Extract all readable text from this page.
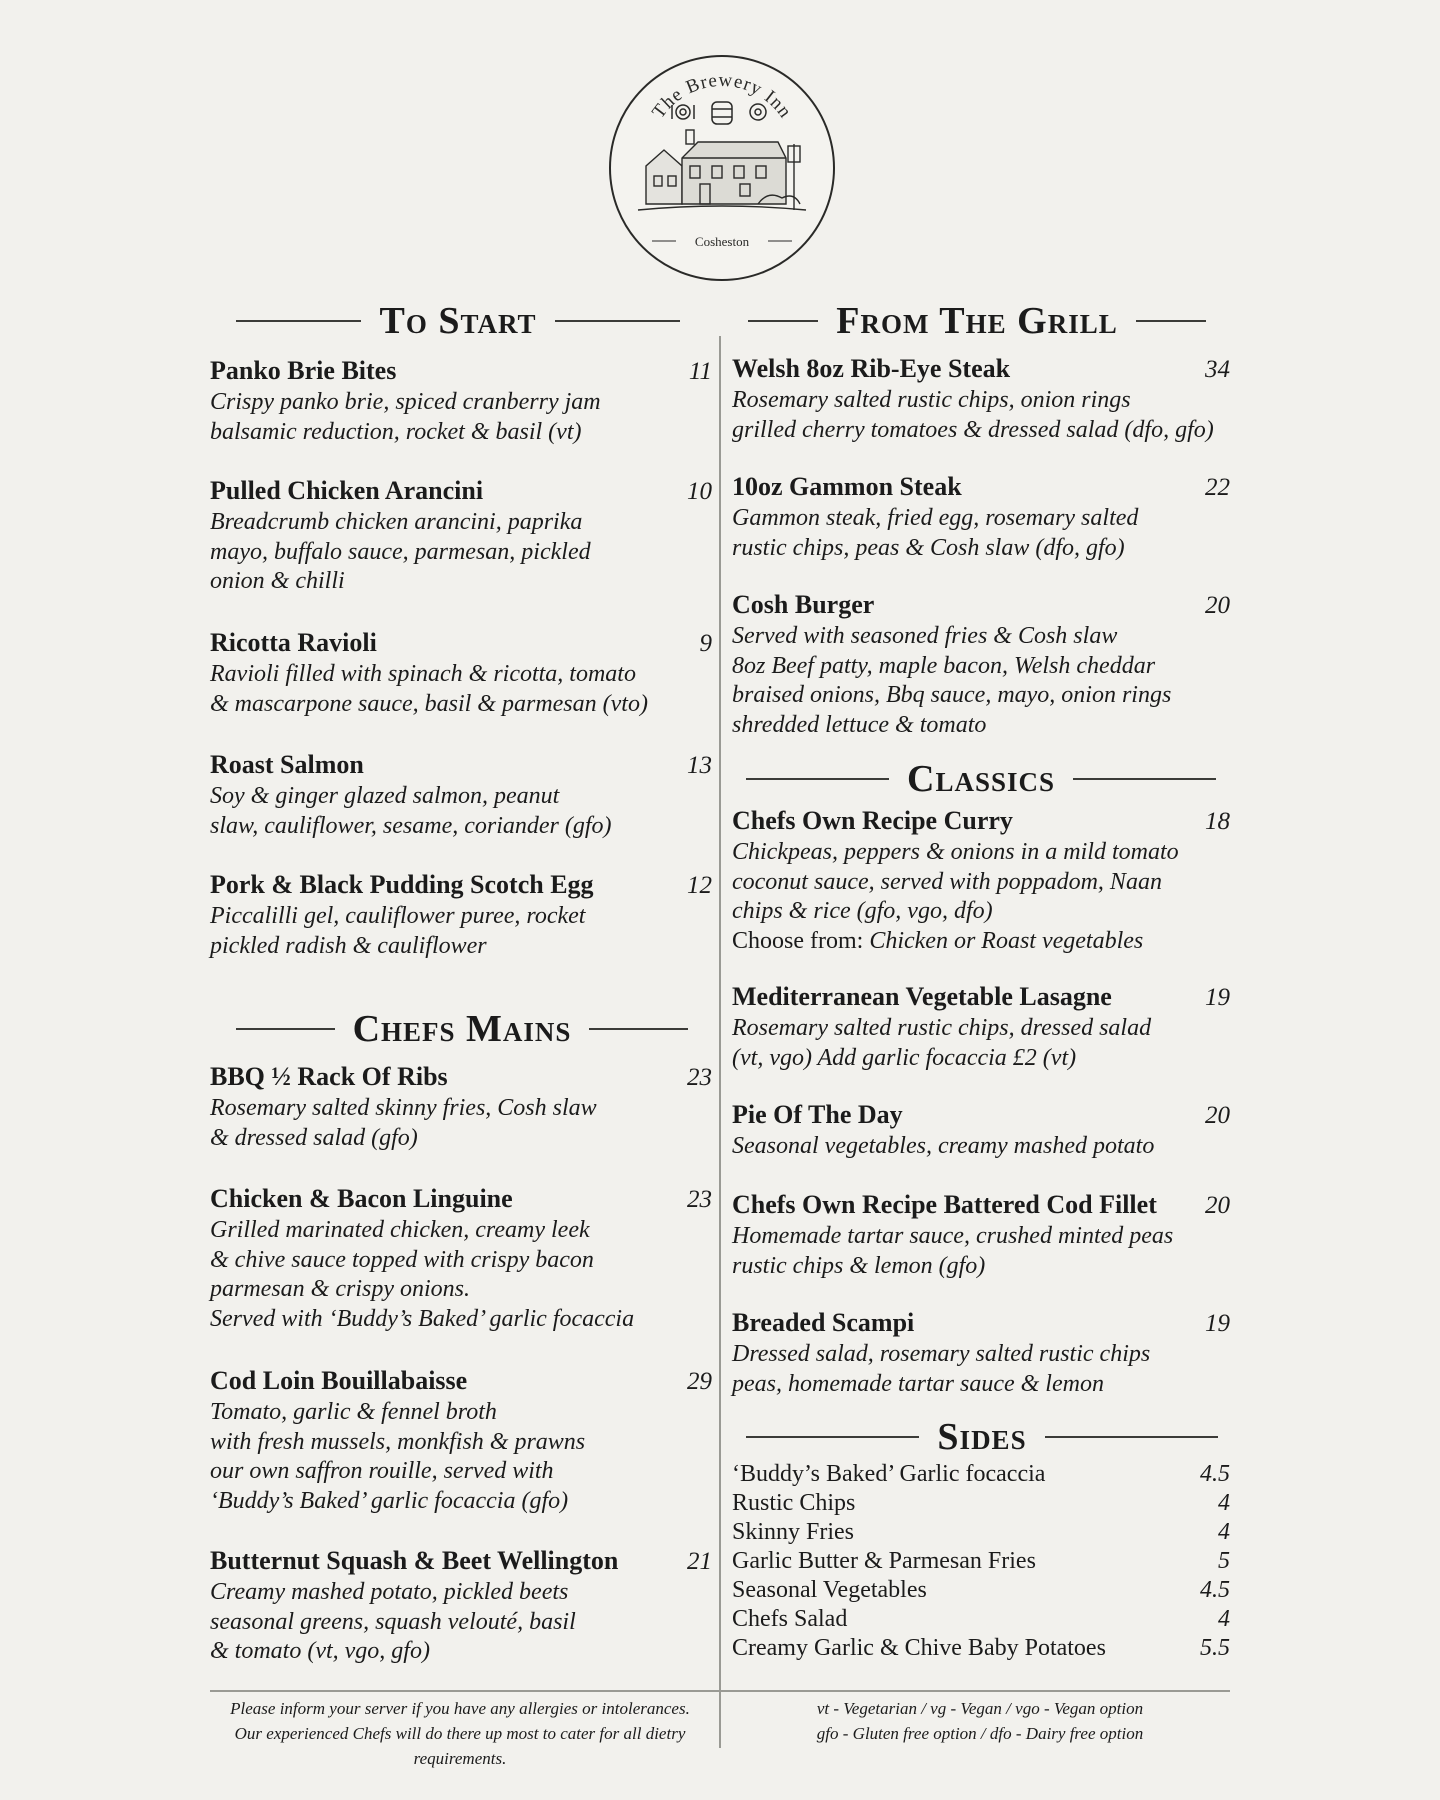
The Brewery Inn
Cosheston
To Start
Panko Brie Bites	11
Crispy panko brie, spiced cranberry jam
balsamic reduction, rocket & basil (vt)
Pulled Chicken Arancini	10
Breadcrumb chicken arancini, paprika
mayo, buffalo sauce, parmesan, pickled
onion & chilli
Ricotta Ravioli	9
Ravioli filled with spinach & ricotta, tomato
& mascarpone sauce, basil & parmesan (vto)
Roast Salmon	13
Soy & ginger glazed salmon, peanut
slaw, cauliflower, sesame, coriander (gfo)
Pork & Black Pudding Scotch Egg	12
Piccalilli gel, cauliflower puree, rocket
pickled radish & cauliflower
Chefs Mains
BBQ ½ Rack Of Ribs	23
Rosemary salted skinny fries, Cosh slaw
& dressed salad (gfo)
Chicken & Bacon Linguine	23
Grilled marinated chicken, creamy leek
& chive sauce topped with crispy bacon
parmesan & crispy onions.
Served with ‘Buddy’s Baked’ garlic focaccia
Cod Loin Bouillabaisse	29
Tomato, garlic & fennel broth
with fresh mussels, monkfish & prawns
our own saffron rouille, served with
‘Buddy’s Baked’ garlic focaccia (gfo)
Butternut Squash & Beet Wellington	21
Creamy mashed potato, pickled beets
seasonal greens, squash velouté, basil
& tomato (vt, vgo, gfo)
From The Grill
Welsh 8oz Rib-Eye Steak	34
Rosemary salted rustic chips, onion rings
grilled cherry tomatoes & dressed salad (dfo, gfo)
10oz Gammon Steak	22
Gammon steak, fried egg, rosemary salted
rustic chips, peas & Cosh slaw (dfo, gfo)
Cosh Burger	20
Served with seasoned fries & Cosh slaw
8oz Beef patty, maple bacon, Welsh cheddar
braised onions, Bbq sauce, mayo, onion rings
shredded lettuce & tomato
Classics
Chefs Own Recipe Curry	18
Chickpeas, peppers & onions in a mild tomato
coconut sauce, served with poppadom, Naan
chips & rice (gfo, vgo, dfo)
Choose from: Chicken or Roast vegetables
Mediterranean Vegetable Lasagne	19
Rosemary salted rustic chips, dressed salad
(vt, vgo) Add garlic focaccia £2 (vt)
Pie Of The Day	20
Seasonal vegetables, creamy mashed potato
Chefs Own Recipe Battered Cod Fillet 20
Homemade tartar sauce, crushed minted peas
rustic chips & lemon (gfo)
Breaded Scampi	19
Dressed salad, rosemary salted rustic chips
peas, homemade tartar sauce & lemon
Sides
‘Buddy’s Baked’ Garlic focaccia	4.5
Rustic Chips	4
Skinny Fries	4
Garlic Butter & Parmesan Fries	5
Seasonal Vegetables	4.5
Chefs Salad	4
Creamy Garlic & Chive Baby Potatoes	5.5
Please inform your server if you have any allergies or intolerances.
Our experienced Chefs will do there up most to cater for all dietry
requirements.
vt - Vegetarian / vg - Vegan / vgo - Vegan option
gfo - Gluten free option / dfo - Dairy free option
